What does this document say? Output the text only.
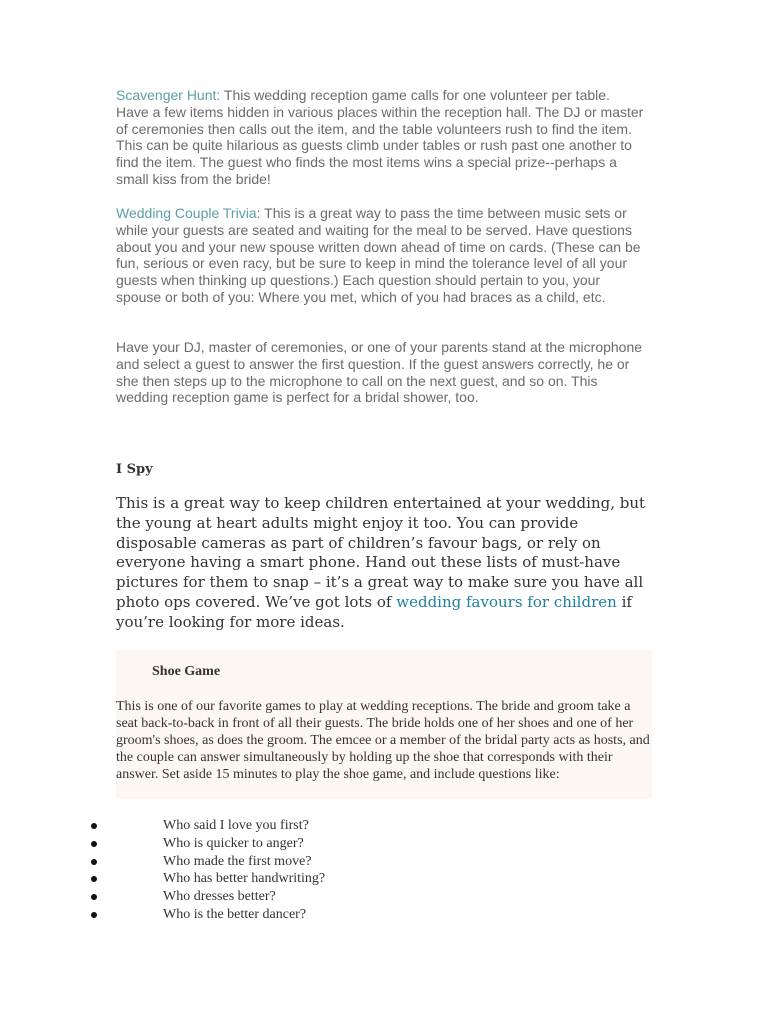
Scavenger Hunt: This wedding reception game calls for one volunteer per table. Have a few items hidden in various places within the reception hall. The DJ or master of ceremonies then calls out the item, and the table volunteers rush to find the item. This can be quite hilarious as guests climb under tables or rush past one another to find the item. The guest who finds the most items wins a special prize--perhaps a small kiss from the bride!

Wedding Couple Trivia: This is a great way to pass the time between music sets or while your guests are seated and waiting for the meal to be served. Have questions about you and your new spouse written down ahead of time on cards. (These can be fun, serious or even racy, but be sure to keep in mind the tolerance level of all your guests when thinking up questions.) Each question should pertain to you, your spouse or both of you: Where you met, which of you had braces as a child, etc.

Have your DJ, master of ceremonies, or one of your parents stand at the microphone and select a guest to answer the first question. If the guest answers correctly, he or she then steps up to the microphone to call on the next guest, and so on. This wedding reception game is perfect for a bridal shower, too.

I Spy

This is a great way to keep children entertained at your wedding, but the young at heart adults might enjoy it too. You can provide disposable cameras as part of children’s favour bags, or rely on everyone having a smart phone. Hand out these lists of must-have pictures for them to snap – it’s a great way to make sure you have all photo ops covered. We’ve got lots of wedding favours for children if you’re looking for more ideas.

Shoe Game

This is one of our favorite games to play at wedding receptions. The bride and groom take a seat back-to-back in front of all their guests. The bride holds one of her shoes and one of her groom's shoes, as does the groom. The emcee or a member of the bridal party acts as hosts, and the couple can answer simultaneously by holding up the shoe that corresponds with their answer. Set aside 15 minutes to play the shoe game, and include questions like:

Who said I love you first?
Who is quicker to anger?
Who made the first move?
Who has better handwriting?
Who dresses better?
Who is the better dancer?
